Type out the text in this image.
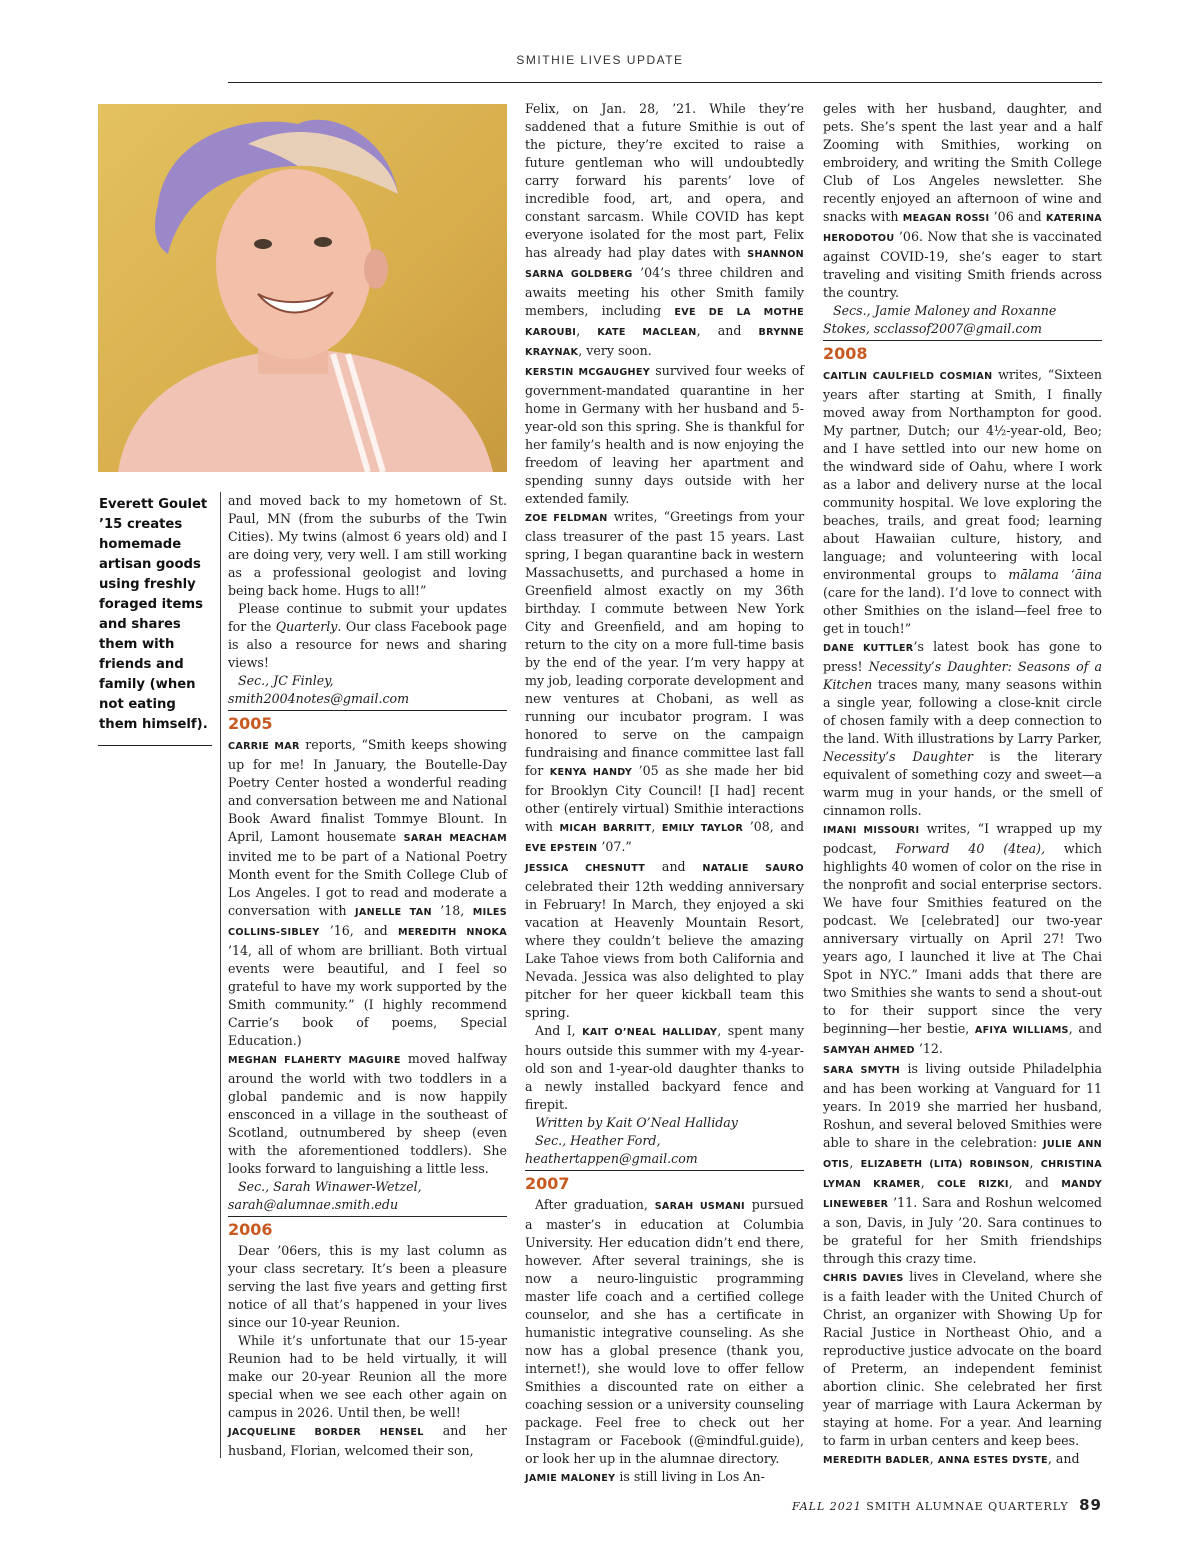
SMITHIE LIVES UPDATE
Everett Goulet ’15 creates homemade artisan goods using freshly foraged items and shares them with friends and family (when not eating them himself).

and moved back to my hometown of St. Paul, MN (from the suburbs of the Twin Cities). My twins (almost 6 years old) and I are doing very, very well. I am still working as a professional geologist and loving being back home. Hugs to all!”

Please continue to submit your updates for the Quarterly. Our class Facebook page is also a resource for news and sharing views!

Sec., JC Finley,

smith2004notes@gmail.com

2005

CARRIE MAR reports, “Smith keeps showing up for me! In January, the Boutelle-Day Poetry Center hosted a wonderful reading and conversation between me and National Book Award finalist Tommye Blount. In April, Lamont housemate SARAH MEACHAM invited me to be part of a National Poetry Month event for the Smith College Club of Los Angeles. I got to read and moderate a conversation with JANELLE TAN ’18, MILES COLLINS-SIBLEY ’16, and MEREDITH NNOKA ’14, all of whom are brilliant. Both virtual events were beautiful, and I feel so grateful to have my work supported by the Smith community.” (I highly recommend Carrie’s book of poems, Special Education.)

MEGHAN FLAHERTY MAGUIRE moved halfway around the world with two toddlers in a global pandemic and is now happily ensconced in a village in the southeast of Scotland, outnumbered by sheep (even with the aforementioned toddlers). She looks forward to languishing a little less.

Sec., Sarah Winawer-Wetzel,

sarah@alumnae.smith.edu

2006

Dear ’06ers, this is my last column as your class secretary. It’s been a pleasure serving the last five years and getting first notice of all that’s happened in your lives since our 10-year Reunion.

While it’s unfortunate that our 15-year Reunion had to be held virtually, it will make our 20-year Reunion all the more special when we see each other again on campus in 2026. Until then, be well!

JACQUELINE BORDER HENSEL and her husband, Florian, welcomed their son,

Felix, on Jan. 28, ’21. While they’re saddened that a future Smithie is out of the picture, they’re excited to raise a future gentleman who will undoubtedly carry forward his parents’ love of incredible food, art, and opera, and constant sarcasm. While COVID has kept everyone isolated for the most part, Felix has already had play dates with SHANNON SARNA GOLDBERG ’04’s three children and awaits meeting his other Smith family members, including EVE DE LA MOTHE KAROUBI, KATE MACLEAN, and BRYNNE KRAYNAK, very soon.

KERSTIN MCGAUGHEY survived four weeks of government-mandated quarantine in her home in Germany with her husband and 5-year-old son this spring. She is thankful for her family’s health and is now enjoying the freedom of leaving her apartment and spending sunny days outside with her extended family.

ZOE FELDMAN writes, “Greetings from your class treasurer of the past 15 years. Last spring, I began quarantine back in western Massachusetts, and purchased a home in Greenfield almost exactly on my 36th birthday. I commute between New York City and Greenfield, and am hoping to return to the city on a more full-time basis by the end of the year. I’m very happy at my job, leading corporate development and new ventures at Chobani, as well as running our incubator program. I was honored to serve on the campaign fundraising and finance committee last fall for KENYA HANDY ’05 as she made her bid for Brooklyn City Council! [I had] recent other (entirely virtual) Smithie interactions with MICAH BARRITT, EMILY TAYLOR ’08, and EVE EPSTEIN ’07.”

JESSICA CHESNUTT and NATALIE SAURO celebrated their 12th wedding anniversary in February! In March, they enjoyed a ski vacation at Heavenly Mountain Resort, where they couldn’t believe the amazing Lake Tahoe views from both California and Nevada. Jessica was also delighted to play pitcher for her queer kickball team this spring.

And I, KAIT O’NEAL HALLIDAY, spent many hours outside this summer with my 4-year-old son and 1-year-old daughter thanks to a newly installed backyard fence and firepit.

Written by Kait O’Neal Halliday

Sec., Heather Ford,

heathertappen@gmail.com

2007

After graduation, SARAH USMANI pursued a master’s in education at Columbia University. Her education didn’t end there, however. After several trainings, she is now a neuro-linguistic programming master life coach and a certified college counselor, and she has a certificate in humanistic integrative counseling. As she now has a global presence (thank you, internet!), she would love to offer fellow Smithies a discounted rate on either a coaching session or a university counseling package. Feel free to check out her Instagram or Facebook (@mindful.guide), or look her up in the alumnae directory.

JAMIE MALONEY is still living in Los An-

geles with her husband, daughter, and pets. She’s spent the last year and a half Zooming with Smithies, working on embroidery, and writing the Smith College Club of Los Angeles newsletter. She recently enjoyed an afternoon of wine and snacks with MEAGAN ROSSI ’06 and KATERINA HERODOTOU ’06. Now that she is vaccinated against COVID-19, she’s eager to start traveling and visiting Smith friends across the country.

Secs., Jamie Maloney and Roxanne

Stokes, scclassof2007@gmail.com

2008

CAITLIN CAULFIELD COSMIAN writes, “Sixteen years after starting at Smith, I finally moved away from Northampton for good. My partner, Dutch; our 4½-year-old, Beo; and I have settled into our new home on the windward side of Oahu, where I work as a labor and delivery nurse at the local community hospital. We love exploring the beaches, trails, and great food; learning about Hawaiian culture, history, and language; and volunteering with local environmental groups to mālama ʻāina (care for the land). I’d love to connect with other Smithies on the island—feel free to get in touch!”

DANE KUTTLER’s latest book has gone to press! Necessity’s Daughter: Seasons of a Kitchen traces many, many seasons within a single year, following a close-knit circle of chosen family with a deep connection to the land. With illustrations by Larry Parker, Necessity’s Daughter is the literary equivalent of something cozy and sweet—a warm mug in your hands, or the smell of cinnamon rolls.

IMANI MISSOURI writes, “I wrapped up my podcast, Forward 40 (4tea), which highlights 40 women of color on the rise in the nonprofit and social enterprise sectors. We have four Smithies featured on the podcast. We [celebrated] our two-year anniversary virtually on April 27! Two years ago, I launched it live at The Chai Spot in NYC.” Imani adds that there are two Smithies she wants to send a shout-out to for their support since the very beginning—her bestie, AFIYA WILLIAMS, and SAMYAH AHMED ’12.

SARA SMYTH is living outside Philadelphia and has been working at Vanguard for 11 years. In 2019 she married her husband, Roshun, and several beloved Smithies were able to share in the celebration: JULIE ANN OTIS, ELIZABETH (LITA) ROBINSON, CHRISTINA LYMAN KRAMER, COLE RIZKI, and MANDY LINEWEBER ’11. Sara and Roshun welcomed a son, Davis, in July ’20. Sara continues to be grateful for her Smith friendships through this crazy time.

CHRIS DAVIES lives in Cleveland, where she is a faith leader with the United Church of Christ, an organizer with Showing Up for Racial Justice in Northeast Ohio, and a reproductive justice advocate on the board of Preterm, an independent feminist abortion clinic. She celebrated her first year of marriage with Laura Ackerman by staying at home. For a year. And learning to farm in urban centers and keep bees.

MEREDITH BADLER, ANNA ESTES DYSTE, and

FALL 2021 SMITH ALUMNAE QUARTERLY 89
